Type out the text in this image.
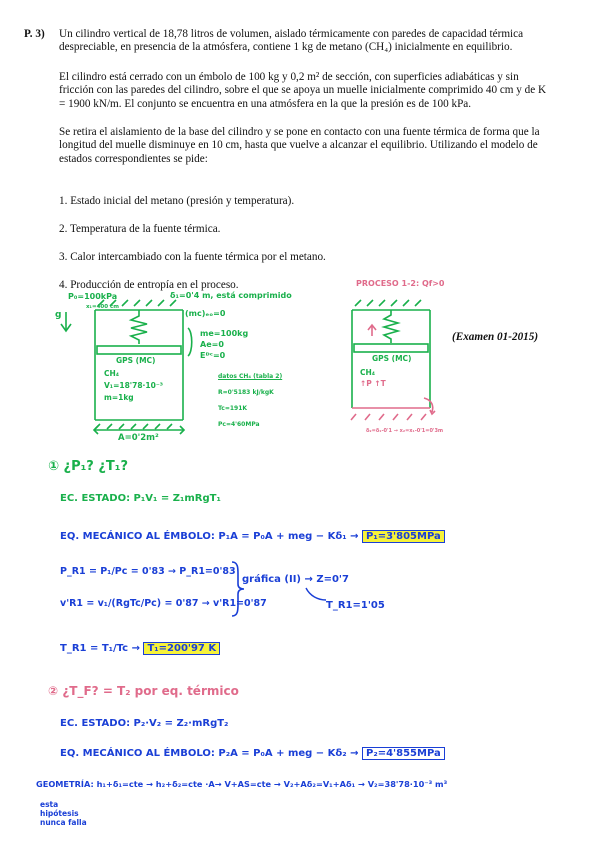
P. 3) Un cilindro vertical de 18,78 litros de volumen, aislado térmicamente con paredes de capacidad térmica despreciable, en presencia de la atmósfera, contiene 1 kg de metano (CH₄) inicialmente en equilibrio.
El cilindro está cerrado con un émbolo de 100 kg y 0,2 m² de sección, con superficies adiabáticas y sin fricción con las paredes del cilindro, sobre el que se apoya un muelle inicialmente comprimido 40 cm y de K = 1900 kN/m. El conjunto se encuentra en una atmósfera en la que la presión es de 100 kPa.
Se retira el aislamiento de la base del cilindro y se pone en contacto con una fuente térmica de forma que la longitud del muelle disminuye en 10 cm, hasta que vuelve a alcanzar el equilibrio. Utilizando el modelo de estados correspondientes se pide:
1. Estado inicial del metano (presión y temperatura).
2. Temperatura de la fuente térmica.
3. Calor intercambiado con la fuente térmica por el metano.
4. Producción de entropía en el proceso.
(Examen 01-2015)
P₀=100kPa
x₁=400 cm
g
δ₁=0'4 m, está comprimido
(mc)ₑₒ=0
me=100kg
Ae=0
Eᴰᶜ=0
GPS (MC)
CH₄
V₁=18'78·10⁻³
m=1kg
A=0'2m²
datos CH₄ (tabla 2)
R=0'5183 kJ/kgK
Tc=191K
Pc=4'60MPa
PROCESO 1-2: Qf>0
GPS (MC)
CH₄
↑P ↑T
δ₂=δ₁-0'1 → x₂=x₁-0'1=0'3m
① ¿P₁? ¿T₁?
EC. ESTADO: P₁V₁ = Z₁mRgT₁
EQ. MECÁNICO AL ÉMBOLO: P₁A = P₀A + meg − Kδ₁ → P₁=3'805MPa
P_R1 = P₁/Pc = 0'83 → P_R1=0'83
v'R1 = v₁/(RgTc/Pc) = 0'87 → v'R1=0'87
gráfica (II) → Z=0'7
T_R1=1'05
T_R1 = T₁/Tc → T₁=200'97 K
② ¿T_F? = T₂ por eq. térmico
EC. ESTADO: P₂·V₂ = Z₂·mRgT₂
EQ. MECÁNICO AL ÉMBOLO: P₂A = P₀A + meg − Kδ₂ → P₂=4'855MPa
GEOMETRÍA: h₁+δ₁=cte → h₂+δ₂=cte ·A→ V+AS=cte → V₂+Aδ₂=V₁+Aδ₁ → V₂=38'78·10⁻³ m³
esta hipótesis nunca falla
